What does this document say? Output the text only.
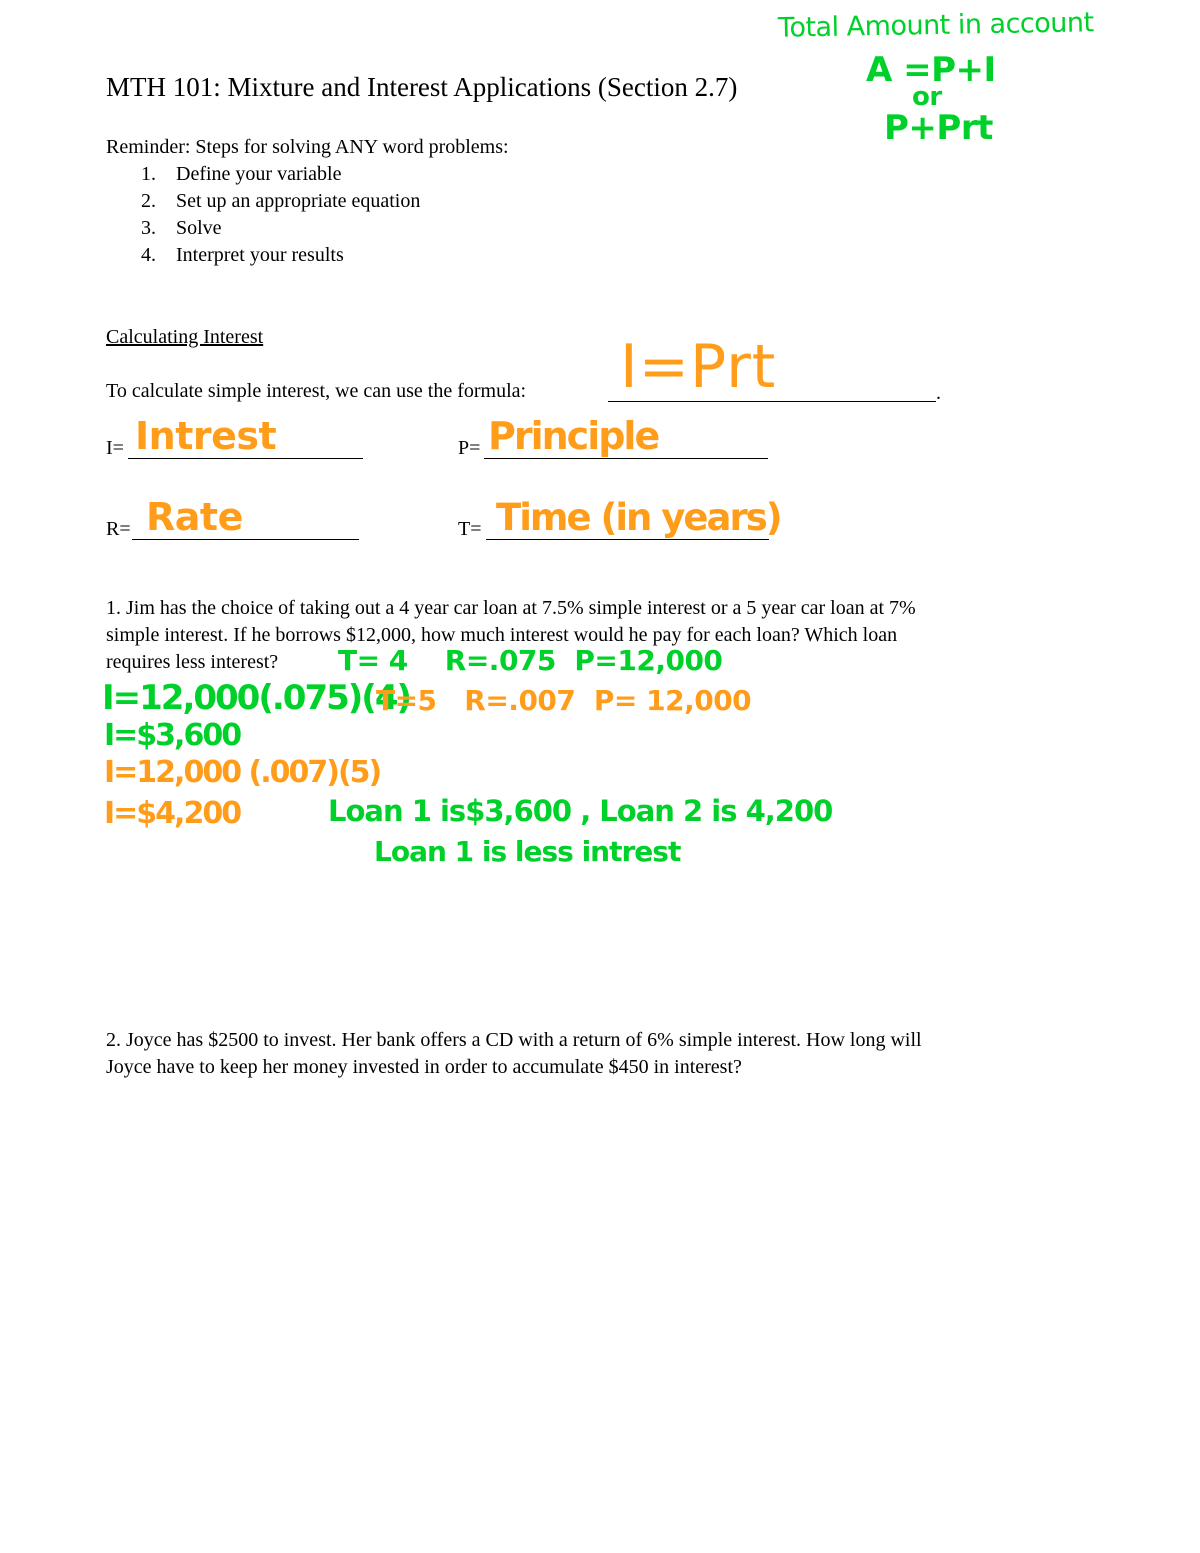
Total Amount in account
A =P+I
or
P+Prt
MTH 101: Mixture and Interest Applications (Section 2.7)
Reminder: Steps for solving ANY word problems:
1. Define your variable
2. Set up an appropriate equation
3. Solve
4. Interpret your results
Calculating Interest
To calculate simple interest, we can use the formula:	.
I=Prt
I= Intrest	P= Principle
R= Rate	T= Time (in years)
1. Jim has the choice of taking out a 4 year car loan at 7.5% simple interest or a 5 year car loan at 7%
simple interest. If he borrows $12,000, how much interest would he pay for each loan? Which loan
requires less interest? T= 4    R=.075  P=12,000
I=12,000(.075)(4)
T=5   R=.007  P= 12,000
I=$3,600
I=12,000 (.007)(5)
I=$4,200	Loan 1 is$3,600 , Loan 2 is 4,200
Loan 1 is less intrest
2. Joyce has $2500 to invest. Her bank offers a CD with a return of 6% simple interest. How long will
Joyce have to keep her money invested in order to accumulate $450 in interest?
